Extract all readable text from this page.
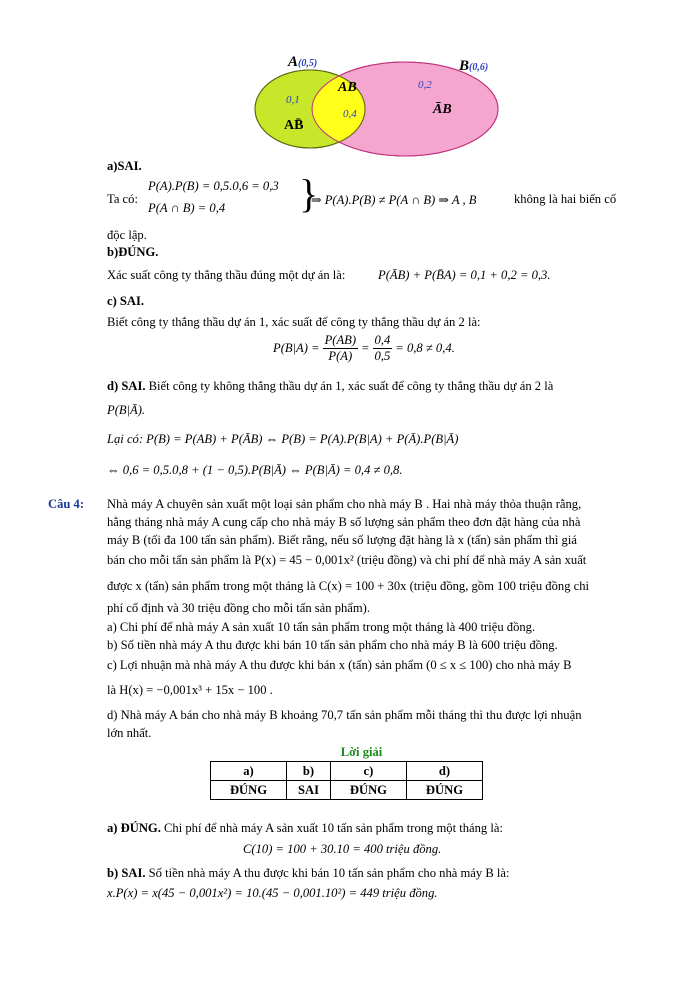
A(0,5)	B(0,6)
0,1
AB̄
AB
0,4
0,2
ĀB
a)SAI.
Ta có:
P(A).P(B) = 0,5.0,6 = 0,3
P(A ∩ B) = 0,4 }
⇒ P(A).P(B) ≠ P(A ∩ B) ⇒ A , B	không là hai biến cố
độc lập.
b)ĐÚNG.
Xác suất công ty thắng thầu đúng một dự án là:	P(ĀB) + P(B̄A) = 0,1 + 0,2 = 0,3.
c) SAI.
Biết công ty thắng thầu dự án 1, xác suất để công ty thắng thầu dự án 2 là:
$P(B|A) = \frac{P(AB)}{P(A)} = \frac{0,4}{0,5} = 0,8 \ne 0,4$.
d) SAI. Biết công ty không thắng thầu dự án 1, xác suất để công ty thắng thầu dự án 2 là
P(B|Ā).
Lại có: P(B) = P(AB) + P(ĀB) ⇔ P(B) = P(A).P(B|A) + P(Ā).P(B|Ā)
⇔ 0,6 = 0,5.0,8 + (1 − 0,5).P(B|Ā) ⇔ P(B|Ā) = 0,4 ≠ 0,8.
Câu 4: Nhà máy A chuyên sản xuất một loại sản phẩm cho nhà máy B . Hai nhà máy thỏa thuận rằng,
hằng tháng nhà máy A cung cấp cho nhà máy B số lượng sản phẩm theo đơn đặt hàng của nhà
máy B (tối đa 100 tấn sản phẩm). Biết rằng, nếu số lượng đặt hàng là x (tấn) sản phẩm thì giá
bán cho mỗi tấn sản phẩm là P(x) = 45 − 0,001x² (triệu đồng) và chi phí để nhà máy A sản xuất
được x (tấn) sản phẩm trong một tháng là C(x) = 100 + 30x (triệu đồng, gồm 100 triệu đồng chi
phí cố định và 30 triệu đồng cho mỗi tấn sản phẩm).
a) Chi phí để nhà máy A sản xuất 10 tấn sản phẩm trong một tháng là 400 triệu đồng.
b) Số tiền nhà máy A thu được khi bán 10 tấn sản phẩm cho nhà máy B là 600 triệu đồng.
c) Lợi nhuận mà nhà máy A thu được khi bán x (tấn) sản phẩm (0 ≤ x ≤ 100) cho nhà máy B
là H(x) = −0,001x³ + 15x − 100 .
d) Nhà máy A bán cho nhà máy B khoảng 70,7 tấn sản phẩm mỗi tháng thì thu được lợi nhuận
lớn nhất.
Lời giải
a)	b)	c)	d)
ĐÚNG	SAI	ĐÚNG	ĐÚNG
a) ĐÚNG. Chi phí để nhà máy A sản xuất 10 tấn sản phẩm trong một tháng là:
C(10) = 100 + 30.10 = 400 triệu đồng.
b) SAI. Số tiền nhà máy A thu được khi bán 10 tấn sản phẩm cho nhà máy B là:
x.P(x) = x(45 − 0,001x²) = 10.(45 − 0,001.10²) = 449 triệu đồng.
